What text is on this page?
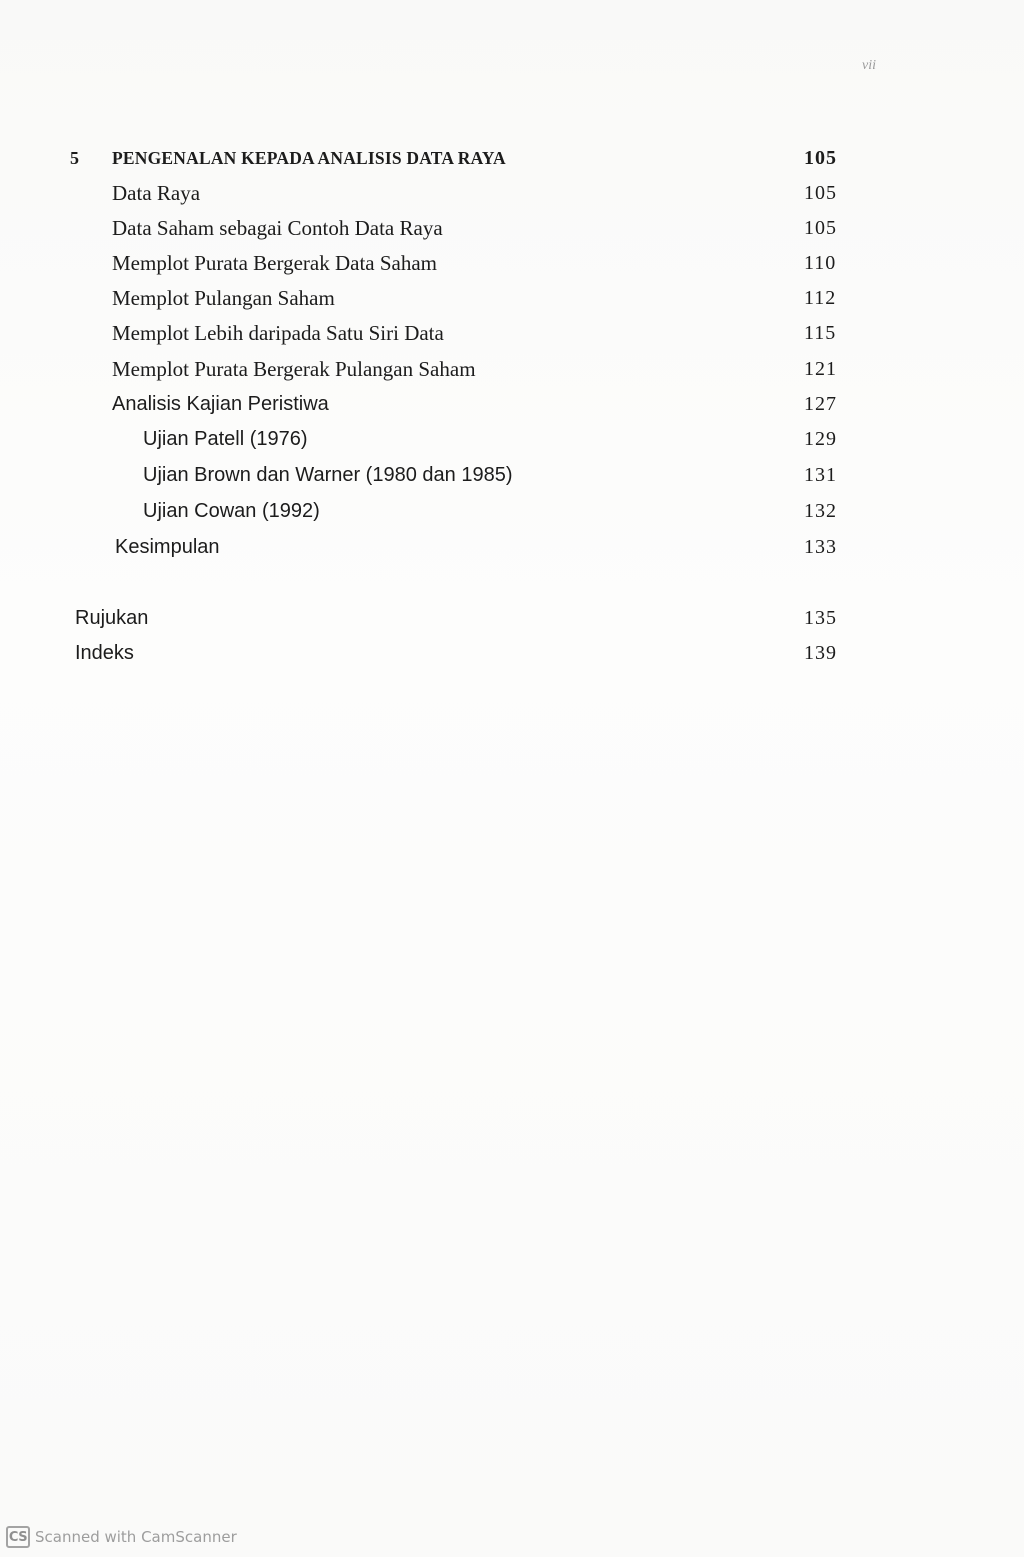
vii
5 PENGENALAN KEPADA ANALISIS DATA RAYA	105
Data Raya	105
Data Saham sebagai Contoh Data Raya	105
Memplot Purata Bergerak Data Saham	110
Memplot Pulangan Saham	112
Memplot Lebih daripada Satu Siri Data	115
Memplot Purata Bergerak Pulangan Saham	121
Analisis Kajian Peristiwa	127
Ujian Patell (1976)	129
Ujian Brown dan Warner (1980 dan 1985)	131
Ujian Cowan (1992)	132
Kesimpulan	133
Rujukan	135
Indeks	139
CS Scanned with CamScanner
